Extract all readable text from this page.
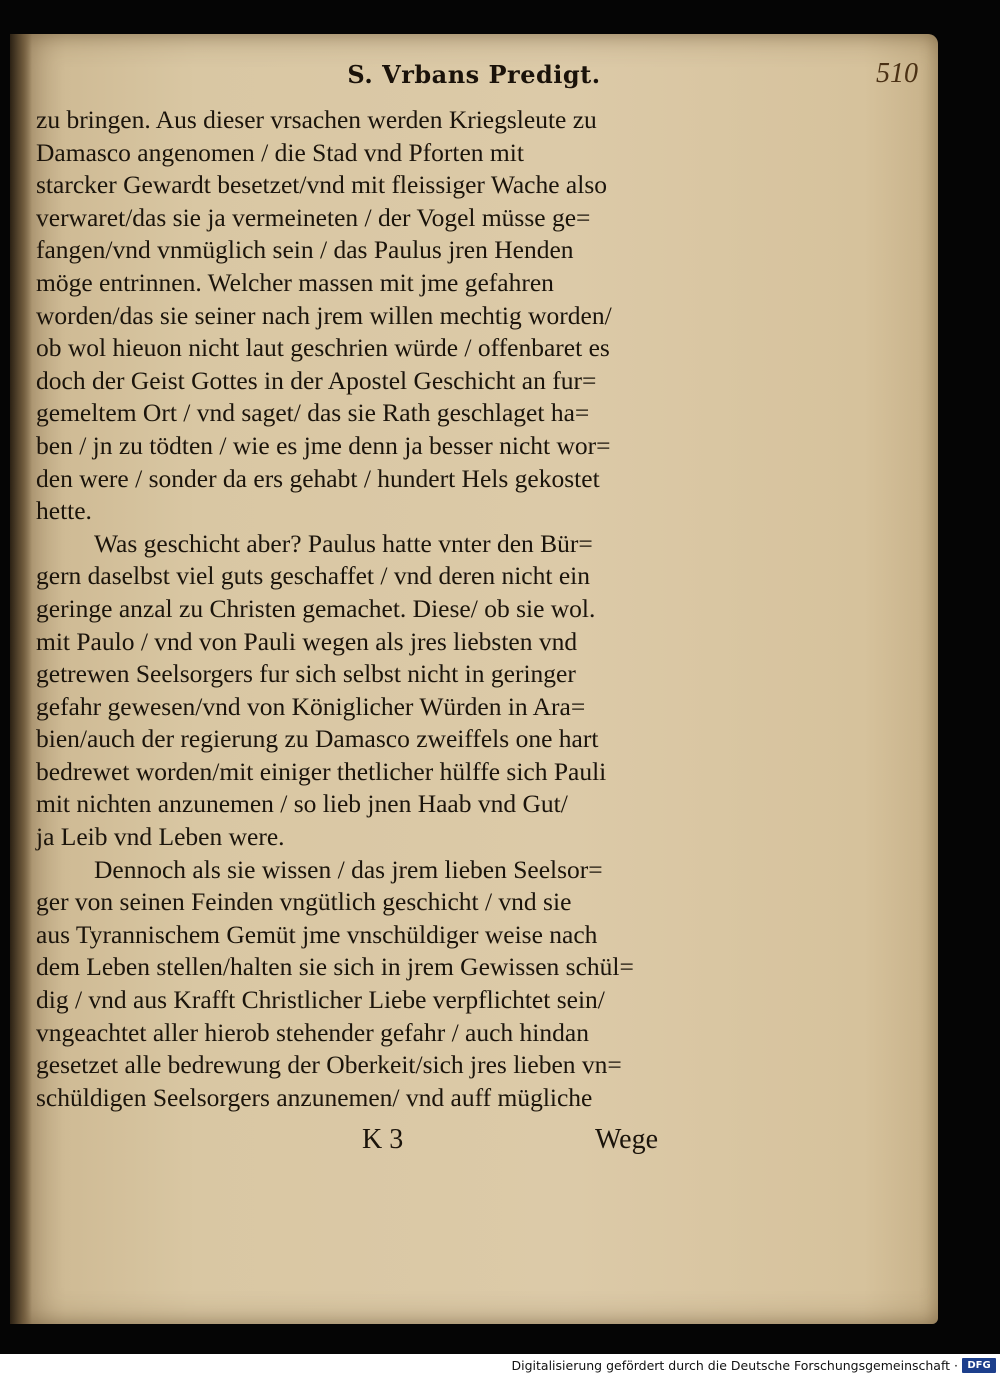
S. Vrbans Predigt.	510
zu bringen. Aus dieser vrsachen werden Kriegsleute zu
Damasco angenomen / die Stad vnd Pforten mit
starcker Gewardt besetzet/vnd mit fleissiger Wache also
verwaret/das sie ja vermeineten / der Vogel müsse ge=
fangen/vnd vnmüglich sein / das Paulus jren Henden
möge entrinnen. Welcher massen mit jme gefahren
worden/das sie seiner nach jrem willen mechtig worden/
ob wol hieuon nicht laut geschrien würde / offenbaret es
doch der Geist Gottes in der Apostel Geschicht an fur=
gemeltem Ort / vnd saget/ das sie Rath geschlaget ha=
ben / jn zu tödten / wie es jme denn ja besser nicht wor=
den were / sonder da ers gehabt / hundert Hels gekostet
hette.
Was geschicht aber? Paulus hatte vnter den Bür=
gern daselbst viel guts geschaffet / vnd deren nicht ein
geringe anzal zu Christen gemachet. Diese/ ob sie wol.
mit Paulo / vnd von Pauli wegen als jres liebsten vnd
getrewen Seelsorgers fur sich selbst nicht in geringer
gefahr gewesen/vnd von Königlicher Würden in Ara=
bien/auch der regierung zu Damasco zweiffels one hart
bedrewet worden/mit einiger thetlicher hülffe sich Pauli
mit nichten anzunemen / so lieb jnen Haab vnd Gut/
ja Leib vnd Leben were.
Dennoch als sie wissen / das jrem lieben Seelsor=
ger von seinen Feinden vngütlich geschicht / vnd sie
aus Tyrannischem Gemüt jme vnschüldiger weise nach
dem Leben stellen/halten sie sich in jrem Gewissen schül=
dig / vnd aus Krafft Christlicher Liebe verpflichtet sein/
vngeachtet aller hierob stehender gefahr / auch hindan
gesetzet alle bedrewung der Oberkeit/sich jres lieben vn=
schüldigen Seelsorgers anzunemen/ vnd auff mügliche
K 3	Wege
Digitalisierung gefördert durch die Deutsche Forschungsgemeinschaft · DFG
